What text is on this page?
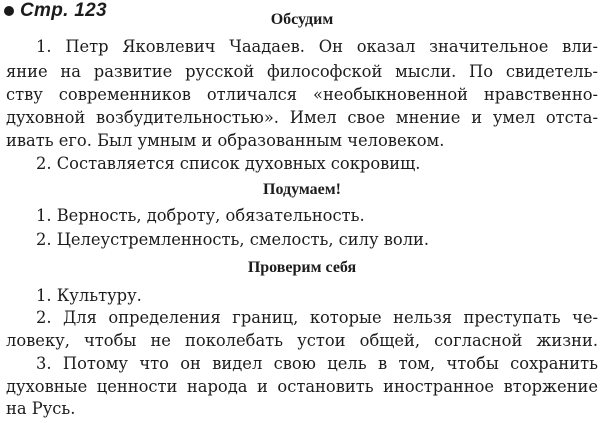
Стр. 123	Обсудим
1. Петр Яковлевич Чаадаев. Он оказал значительное вли-
яние на развитие русской философской мысли. По свидетель-
ству современников отличался «необыкновенной нравственно-
духовной возбудительностью». Имел свое мнение и умел отста-
ивать его. Был умным и образованным человеком.
2. Составляется список духовных сокровищ.
Подумаем!
1. Верность, доброту, обязательность.
2. Целеустремленность, смелость, силу воли.
Проверим себя
1. Культуру.
2. Для определения границ, которые нельзя преступать че-
ловеку, чтобы не поколебать устои общей, согласной жизни.
3. Потому что он видел свою цель в том, чтобы сохранить
духовные ценности народа и остановить иностранное вторжение
на Русь.
